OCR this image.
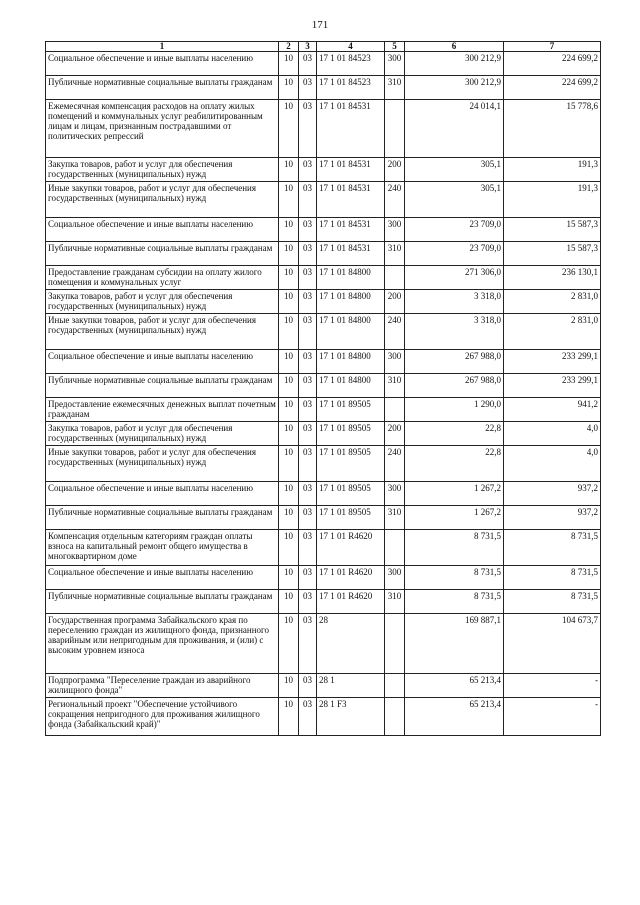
171
1	2	3	4	5	6	7
Социальное обеспечение и иные выплаты населению	10	03	17 1 01 84523	300	300 212,9	224 699,2
Публичные нормативные социальные выплаты гражданам	10	03	17 1 01 84523	310	300 212,9	224 699,2
Ежемесячная компенсация расходов на оплату жилых помещений и коммунальных услуг реабилитированным лицам и лицам, признанным пострадавшими от политических репрессий	10	03	17 1 01 84531		24 014,1	15 778,6
Закупка товаров, работ и услуг для обеспечения государственных (муниципальных) нужд	10	03	17 1 01 84531	200	305,1	191,3
Иные закупки товаров, работ и услуг для обеспечения государственных (муниципальных) нужд	10	03	17 1 01 84531	240	305,1	191,3
Социальное обеспечение и иные выплаты населению	10	03	17 1 01 84531	300	23 709,0	15 587,3
Публичные нормативные социальные выплаты гражданам	10	03	17 1 01 84531	310	23 709,0	15 587,3
Предоставление гражданам субсидии на оплату жилого помещения и коммунальных услуг	10	03	17 1 01 84800		271 306,0	236 130,1
Закупка товаров, работ и услуг для обеспечения государственных (муниципальных) нужд	10	03	17 1 01 84800	200	3 318,0	2 831,0
Иные закупки товаров, работ и услуг для обеспечения государственных (муниципальных) нужд	10	03	17 1 01 84800	240	3 318,0	2 831,0
Социальное обеспечение и иные выплаты населению	10	03	17 1 01 84800	300	267 988,0	233 299,1
Публичные нормативные социальные выплаты гражданам	10	03	17 1 01 84800	310	267 988,0	233 299,1
Предоставление ежемесячных денежных выплат почетным гражданам	10	03	17 1 01 89505		1 290,0	941,2
Закупка товаров, работ и услуг для обеспечения государственных (муниципальных) нужд	10	03	17 1 01 89505	200	22,8	4,0
Иные закупки товаров, работ и услуг для обеспечения государственных (муниципальных) нужд	10	03	17 1 01 89505	240	22,8	4,0
Социальное обеспечение и иные выплаты населению	10	03	17 1 01 89505	300	1 267,2	937,2
Публичные нормативные социальные выплаты гражданам	10	03	17 1 01 89505	310	1 267,2	937,2
Компенсация отдельным категориям граждан оплаты взноса на капитальный ремонт общего имущества в многоквартирном доме	10	03	17 1 01 R4620		8 731,5	8 731,5
Социальное обеспечение и иные выплаты населению	10	03	17 1 01 R4620	300	8 731,5	8 731,5
Публичные нормативные социальные выплаты гражданам	10	03	17 1 01 R4620	310	8 731,5	8 731,5
Государственная программа Забайкальского края по переселению граждан из жилищного фонда, признанного аварийным или непригодным для проживания, и (или) с высоким уровнем износа	10	03	28		169 887,1	104 673,7
Подпрограмма "Переселение граждан из аварийного жилищного фонда"	10	03	28 1		65 213,4	-
Региональный проект "Обеспечение устойчивого сокращения непригодного для проживания жилищного фонда (Забайкальский край)"	10	03	28 1 F3		65 213,4	-
